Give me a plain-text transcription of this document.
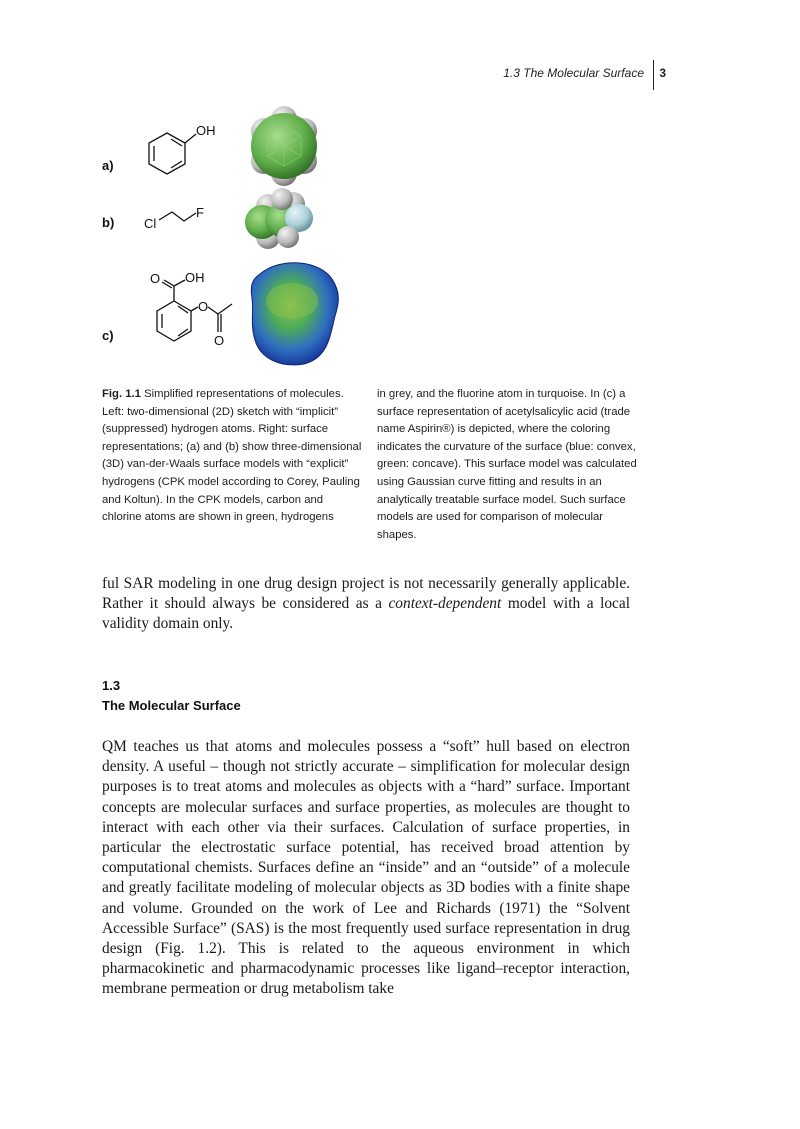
1.3 The Molecular Surface 3
a)
b)
c)
OH
Cl
F
O OH
O
O
Fig. 1.1 Simplified representations of molecules. Left: two-dimensional (2D) sketch with “implicit” (suppressed) hydrogen atoms. Right: surface representations; (a) and (b) show three-dimensional (3D) van-der-Waals surface models with “explicit” hydrogens (CPK model according to Corey, Pauling and Koltun). In the CPK models, carbon and chlorine atoms are shown in green, hydrogens
in grey, and the fluorine atom in turquoise. In (c) a surface representation of acetylsalicylic acid (trade name Aspirin®) is depicted, where the coloring indicates the curvature of the surface (blue: convex, green: concave). This surface model was calculated using Gaussian curve fitting and results in an analytically treatable surface model. Such surface models are used for comparison of molecular shapes.
ful SAR modeling in one drug design project is not necessarily generally applicable. Rather it should always be considered as a context-dependent model with a local validity domain only.
1.3
The Molecular Surface
QM teaches us that atoms and molecules possess a “soft” hull based on electron density. A useful – though not strictly accurate – simplification for molecular design purposes is to treat atoms and molecules as objects with a “hard” surface. Important concepts are molecular surfaces and surface properties, as molecules are thought to interact with each other via their surfaces. Calculation of surface properties, in particular the electrostatic surface potential, has received broad attention by computational chemists. Surfaces define an “inside” and an “outside” of a molecule and greatly facilitate modeling of molecular objects as 3D bodies with a finite shape and volume. Grounded on the work of Lee and Richards (1971) the “Solvent Accessible Surface” (SAS) is the most frequently used surface representation in drug design (Fig. 1.2). This is related to the aqueous environment in which pharmacokinetic and pharmacodynamic processes like ligand–receptor interaction, membrane permeation or drug metabolism take
